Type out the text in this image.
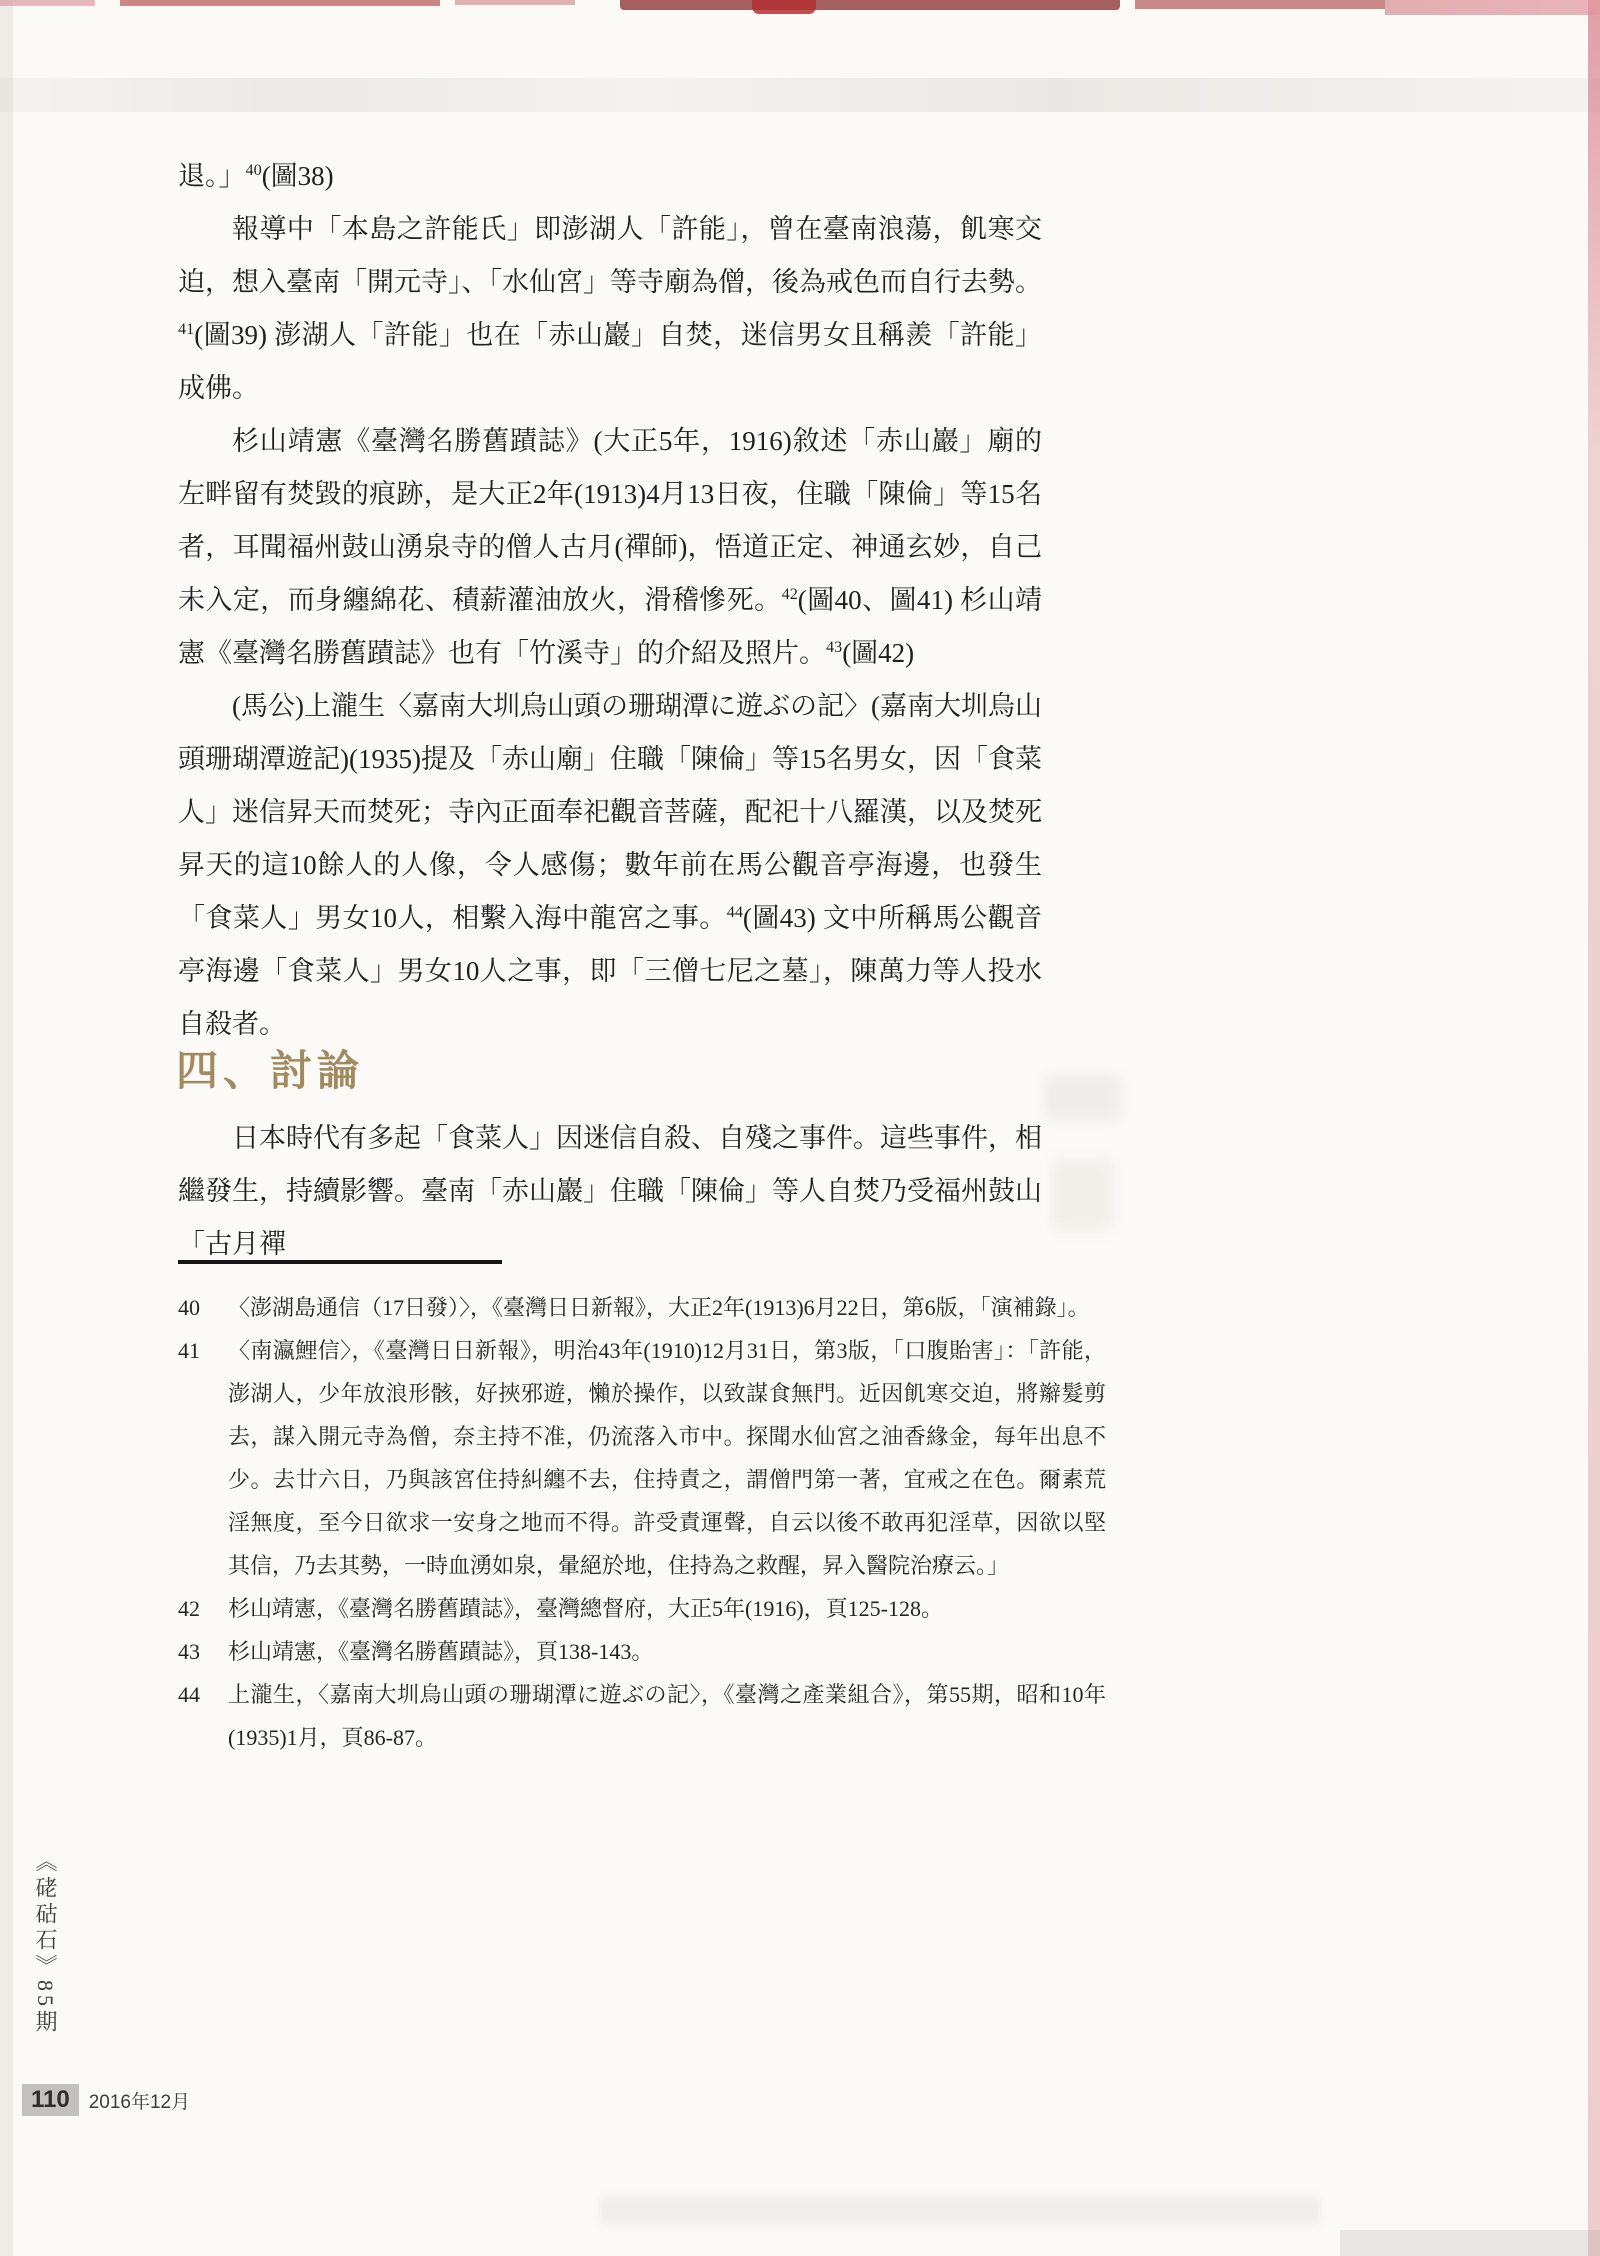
退。」$^{40}$(圖38)

報導中「本島之許能氏」即澎湖人「許能」，曾在臺南浪蕩，飢寒交迫，想入臺南「開元寺」、「水仙宮」等寺廟為僧，後為戒色而自行去勢。$^{41}$(圖39) 澎湖人「許能」也在「赤山巖」自焚，迷信男女且稱羨「許能」成佛。

杉山靖憲《臺灣名勝舊蹟誌》(大正5年，1916)敘述「赤山巖」廟的左畔留有焚毀的痕跡，是大正2年(1913)4月13日夜，住職「陳倫」等15名者，耳聞福州鼓山湧泉寺的僧人古月(禪師)，悟道正定、神通玄妙，自己未入定，而身纏綿花、積薪灌油放火，滑稽慘死。$^{42}$(圖40、圖41) 杉山靖憲《臺灣名勝舊蹟誌》也有「竹溪寺」的介紹及照片。$^{43}$(圖42)

(馬公)上瀧生〈嘉南大圳烏山頭の珊瑚潭に遊ぶの記〉(嘉南大圳烏山頭珊瑚潭遊記)(1935)提及「赤山廟」住職「陳倫」等15名男女，因「食菜人」迷信昇天而焚死；寺內正面奉祀觀音菩薩，配祀十八羅漢，以及焚死昇天的這10餘人的人像，令人感傷；數年前在馬公觀音亭海邊，也發生「食菜人」男女10人，相繫入海中龍宮之事。$^{44}$(圖43) 文中所稱馬公觀音亭海邊「食菜人」男女10人之事，即「三僧七尼之墓」，陳萬力等人投水自殺者。

四、討論

日本時代有多起「食菜人」因迷信自殺、自殘之事件。這些事件，相繼發生，持續影響。臺南「赤山巖」住職「陳倫」等人自焚乃受福州鼓山「古月禪

40	〈澎湖島通信（17日發）〉，《臺灣日日新報》，大正2年(1913)6月22日，第6版，「演補錄」。
41	〈南瀛鯉信〉，《臺灣日日新報》，明治43年(1910)12月31日，第3版，「口腹貽害」：「許能，澎湖人，少年放浪形骸，好挾邪遊，懶於操作，以致謀食無門。近因飢寒交迫，將辮髮剪去，謀入開元寺為僧，奈主持不准，仍流落入市中。探聞水仙宮之油香緣金，每年出息不少。去廿六日，乃與該宮住持糾纏不去，住持責之，謂僧門第一著，宜戒之在色。爾素荒淫無度，至今日欲求一安身之地而不得。許受責運聲，自云以後不敢再犯淫草，因欲以堅其信，乃去其勢，一時血湧如泉，暈絕於地，住持為之救醒，昇入醫院治療云。」
42	杉山靖憲，《臺灣名勝舊蹟誌》，臺灣總督府，大正5年(1916)，頁125-128。
43	杉山靖憲，《臺灣名勝舊蹟誌》，頁138-143。
44	上瀧生，〈嘉南大圳烏山頭の珊瑚潭に遊ぶの記〉，《臺灣之產業組合》，第55期，昭和10年(1935)1月，頁86-87。
《硓𥑮石》85期
110	2016年12月
